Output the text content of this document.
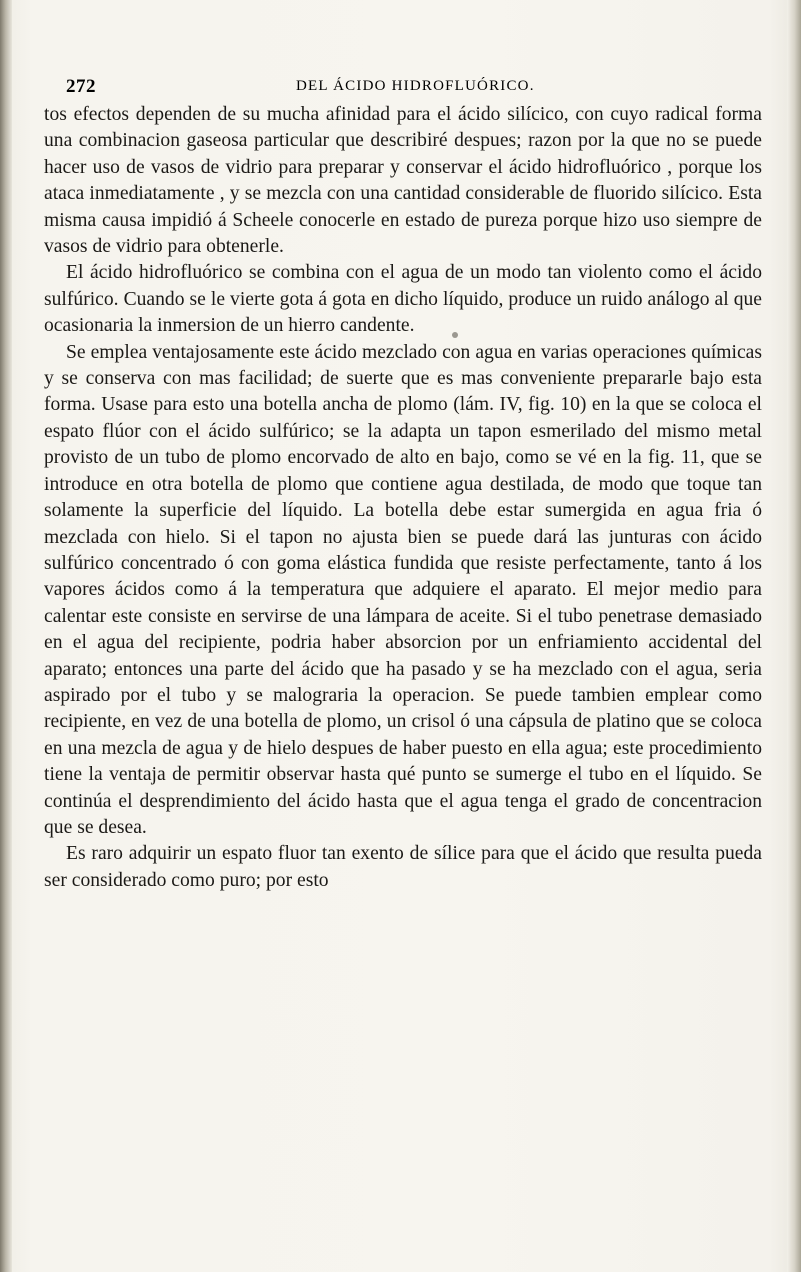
272	DEL ÁCIDO HIDROFLUÓRICO.

tos efectos dependen de su mucha afinidad para el ácido silícico, con cuyo radical forma una combinacion gaseosa particular que describiré despues; razon por la que no se puede hacer uso de vasos de vidrio para preparar y conservar el ácido hidrofluórico , porque los ataca inmediatamente , y se mezcla con una cantidad considerable de fluorido silícico. Esta misma causa impidió á Scheele conocerle en estado de pureza porque hizo uso siempre de vasos de vidrio para obtenerle.

El ácido hidrofluórico se combina con el agua de un modo tan violento como el ácido sulfúrico. Cuando se le vierte gota á gota en dicho líquido, produce un ruido análogo al que ocasionaria la inmersion de un hierro candente.

Se emplea ventajosamente este ácido mezclado con agua en varias operaciones químicas y se conserva con mas facilidad; de suerte que es mas conveniente prepararle bajo esta forma. Usase para esto una botella ancha de plomo (lám. IV, fig. 10) en la que se coloca el espato flúor con el ácido sulfúrico; se la adapta un tapon esmerilado del mismo metal provisto de un tubo de plomo encorvado de alto en bajo, como se vé en la fig. 11, que se introduce en otra botella de plomo que contiene agua destilada, de modo que toque tan solamente la superficie del líquido. La botella debe estar sumergida en agua fria ó mezclada con hielo. Si el tapon no ajusta bien se puede dará las junturas con ácido sulfúrico concentrado ó con goma elástica fundida que resiste perfectamente, tanto á los vapores ácidos como á la temperatura que adquiere el aparato. El mejor medio para calentar este consiste en servirse de una lámpara de aceite. Si el tubo penetrase demasiado en el agua del recipiente, podria haber absorcion por un enfriamiento accidental del aparato; entonces una parte del ácido que ha pasado y se ha mezclado con el agua, seria aspirado por el tubo y se malograria la operacion. Se puede tambien emplear como recipiente, en vez de una botella de plomo, un crisol ó una cápsula de platino que se coloca en una mezcla de agua y de hielo despues de haber puesto en ella agua; este procedimiento tiene la ventaja de permitir observar hasta qué punto se sumerge el tubo en el líquido. Se continúa el desprendimiento del ácido hasta que el agua tenga el grado de concentracion que se desea.

Es raro adquirir un espato fluor tan exento de sílice para que el ácido que resulta pueda ser considerado como puro; por esto
